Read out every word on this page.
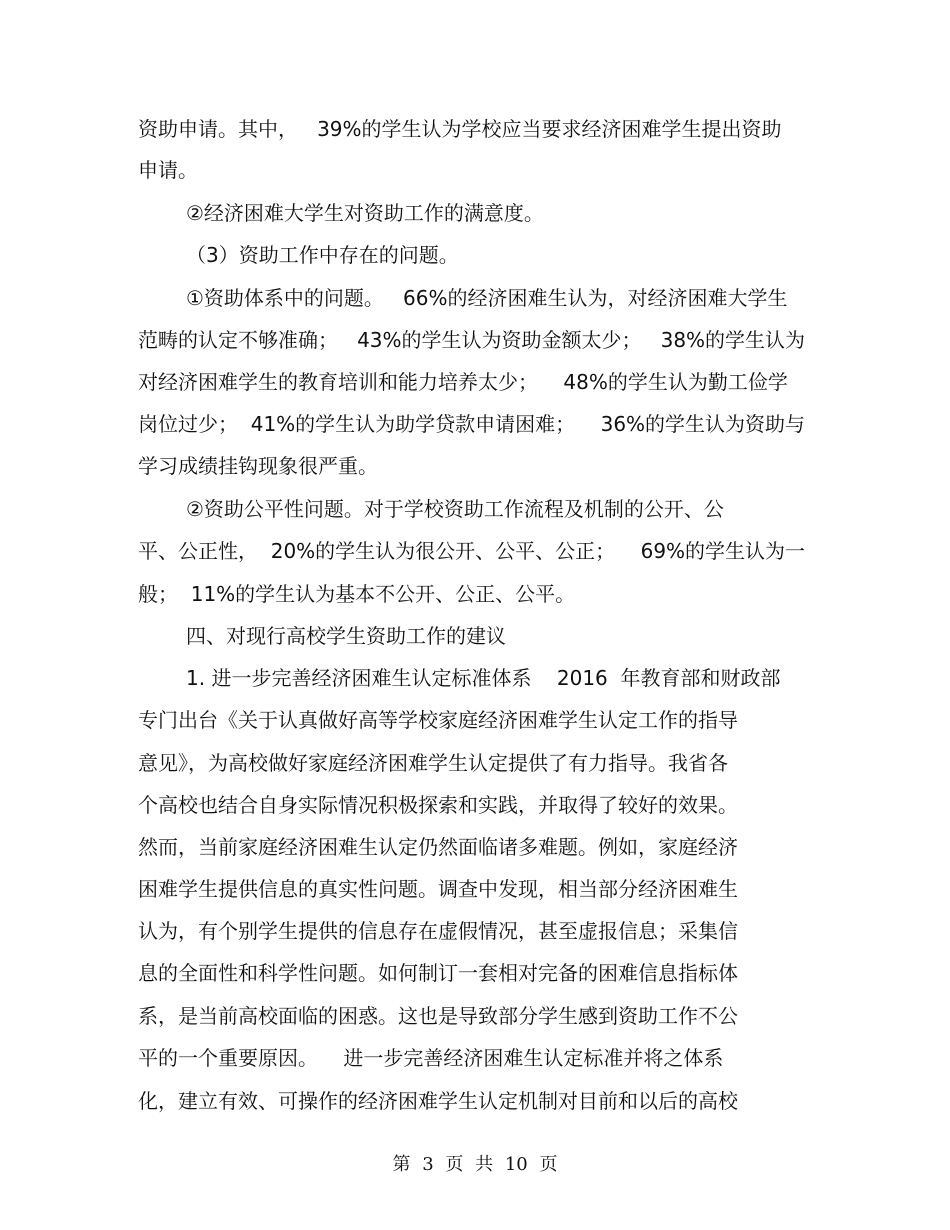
资助申请。其中，   39%的学生认为学校应当要求经济困难学生提出资助
申请。
②经济困难大学生对资助工作的满意度。
（3）资助工作中存在的问题。
①资助体系中的问题。   66%的经济困难生认为，对经济困难大学生
范畴的认定不够准确；   43%的学生认为资助金额太少；   38%的学生认为
对经济困难学生的教育培训和能力培养太少；    48%的学生认为勤工俭学
岗位过少；  41%的学生认为助学贷款申请困难；    36%的学生认为资助与
学习成绩挂钩现象很严重。
②资助公平性问题。对于学校资助工作流程及机制的公开、公
平、公正性，  20%的学生认为很公开、公平、公正；    69%的学生认为一
般；  11%的学生认为基本不公开、公正、公平。
四、对现行高校学生资助工作的建议
1. 进一步完善经济困难生认定标准体系    2016  年教育部和财政部
专门出台《关于认真做好高等学校家庭经济困难学生认定工作的指导
意见》，为高校做好家庭经济困难学生认定提供了有力指导。我省各
个高校也结合自身实际情况积极探索和实践，并取得了较好的效果。
然而，当前家庭经济困难生认定仍然面临诸多难题。例如，家庭经济
困难学生提供信息的真实性问题。调查中发现，相当部分经济困难生
认为，有个别学生提供的信息存在虚假情况，甚至虚报信息；采集信
息的全面性和科学性问题。如何制订一套相对完备的困难信息指标体
系，是当前高校面临的困惑。这也是导致部分学生感到资助工作不公
平的一个重要原因。    进一步完善经济困难生认定标准并将之体系
化，建立有效、可操作的经济困难学生认定机制对目前和以后的高校
第 3 页 共 10 页
